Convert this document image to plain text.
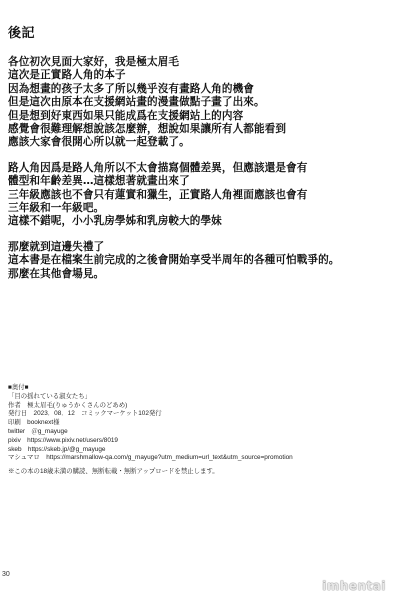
後記
各位初次見面大家好，我是極太眉毛
這次是正實路人角的本子
因為想畫的孩子太多了所以幾乎沒有畫路人角的機會
但是這次由原本在支援網站畫的漫畫做點子畫了出來。
但是想到好東西如果只能成爲在支援網站上的内容
感覺會很難理解想說該怎麼辦，想說如果讓所有人都能看到
應該大家會很開心所以就一起登載了。
路人角因爲是路人角所以不太會描寫個體差異，但應該還是會有
體型和年齡差異…這樣想著就畫出來了
三年級應該也不會只有蓮實和獵生，正實路人角裡面應該也會有
三年級和一年級吧。
這樣不錯呢，小小乳房學姊和乳房較大的學妹
那麼就到這邊失禮了
這本書是在檔案生前完成的之後會開始享受半周年的各種可怕戰爭的。
那麼在其他會場見。
■奥付■
「目の揺れている淑女たち」
作者　極太眉毛(りゅうかくさんのどあめ)
発行日　2023．08．12　コミックマーケット102発行
印刷　booknext様
twitter　＠g_mayuge
pixiv　https://www.pixiv.net/users/8019
skeb　https://skeb.jp/@g_mayuge
マシュマロ　https://marshmallow-qa.com/g_mayuge?utm_medium=url_text&utm_source=promotion
※この本の18歳未満の購読、無断転載・無断アップロードを禁止します。
30
imhentai
